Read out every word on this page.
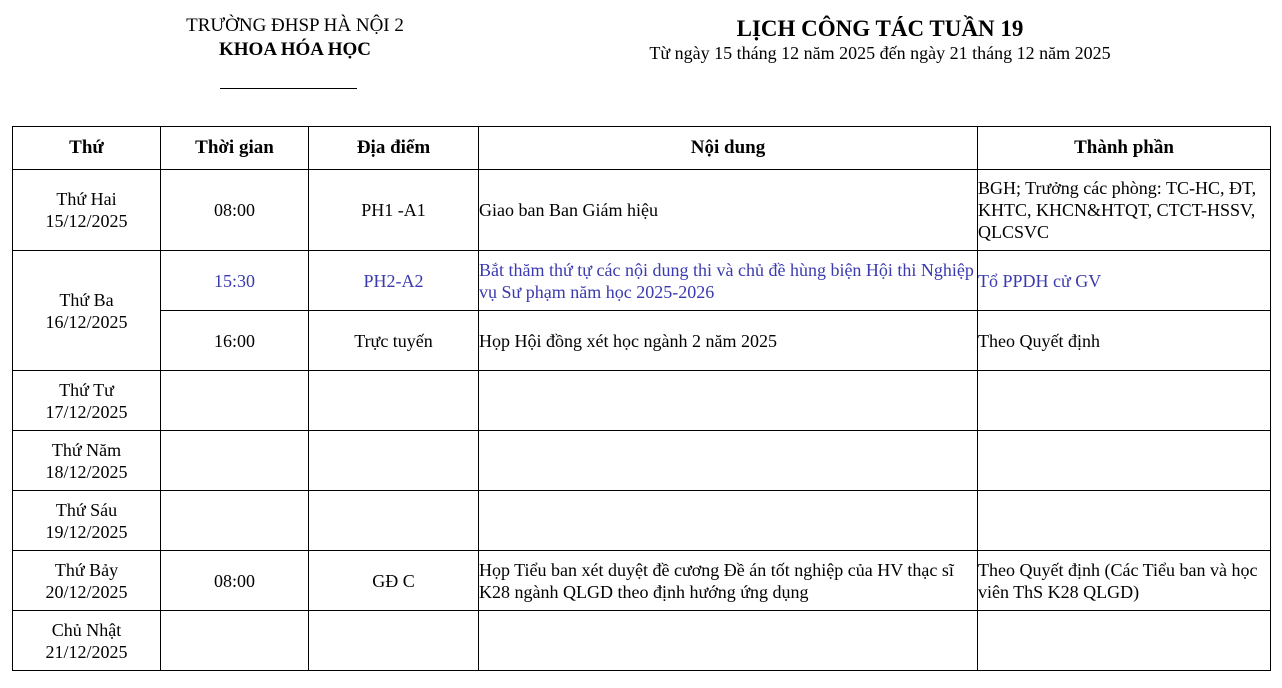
TRƯỜNG ĐHSP HÀ NỘI 2
KHOA HÓA HỌC
LỊCH CÔNG TÁC TUẦN 19
Từ ngày 15 tháng 12 năm 2025 đến ngày 21 tháng 12 năm 2025
Thứ	Thời gian	Địa điểm	Nội dung	Thành phần

Thứ Hai
15/12/2025	08:00	PH1 -A1	Giao ban Ban Giám hiệu	BGH; Trưởng các phòng: TC-HC, ĐT, KHTC, KHCN&HTQT, CTCT-HSSV, QLCSVC

Thứ Ba
16/12/2025	15:30	PH2-A2	Bắt thăm thứ tự các nội dung thi và chủ đề hùng biện Hội thi Nghiệp vụ Sư phạm năm học 2025-2026	Tổ PPDH cử GV
	16:00	Trực tuyến	Họp Hội đồng xét học ngành 2 năm 2025	Theo Quyết định

Thứ Tư
17/12/2025				

Thứ Năm
18/12/2025				

Thứ Sáu
19/12/2025				

Thứ Bảy
20/12/2025	08:00	GĐ C	Họp Tiểu ban xét duyệt đề cương Đề án tốt nghiệp của HV thạc sĩ K28 ngành QLGD theo định hướng ứng dụng	Theo Quyết định (Các Tiểu ban và học viên ThS K28 QLGD)

Chủ Nhật
21/12/2025				
